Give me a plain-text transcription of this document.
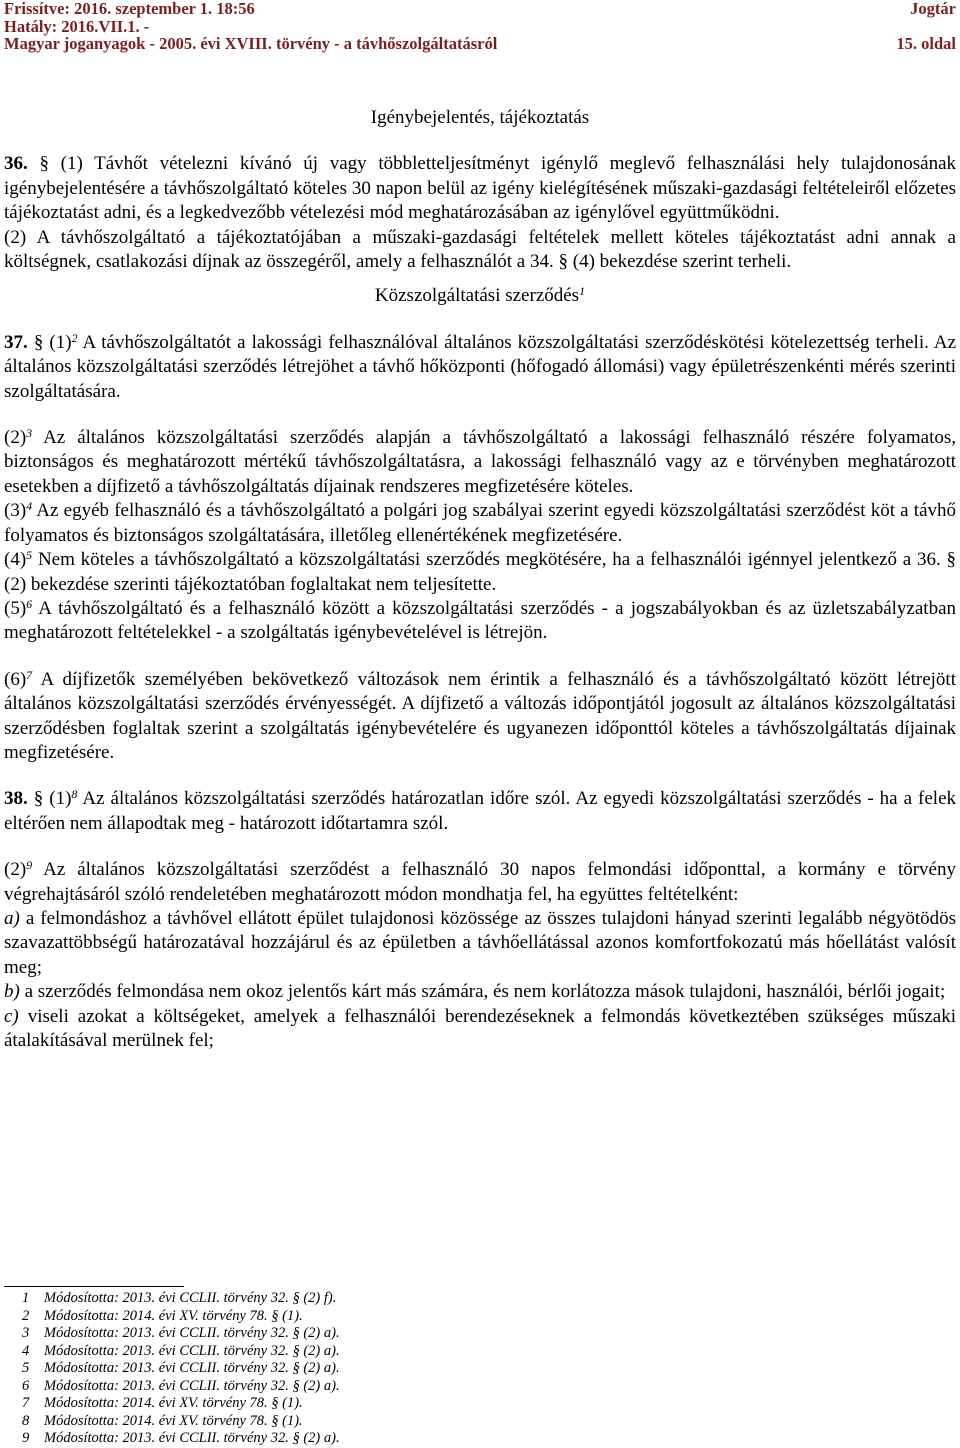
Frissítve: 2016. szeptember 1. 18:56	Jogtár
Hatály: 2016.VII.1. -
Magyar joganyagok - 2005. évi XVIII. törvény - a távhőszolgáltatásról	15. oldal

Igénybejelentés, tájékoztatás

36. § (1) Távhőt vételezni kívánó új vagy többletteljesítményt igénylő meglevő felhasználási hely tulajdonosának igénybejelentésére a távhőszolgáltató köteles 30 napon belül az igény kielégítésének műszaki-gazdasági feltételeiről előzetes tájékoztatást adni, és a legkedvezőbb vételezési mód meghatározásában az igénylővel együttműködni.

(2) A távhőszolgáltató a tájékoztatójában a műszaki-gazdasági feltételek mellett köteles tájékoztatást adni annak a költségnek, csatlakozási díjnak az összegéről, amely a felhasználót a 34. § (4) bekezdése szerint terheli.

Közszolgáltatási szerződés$^1$

37. § (1)$^2$ A távhőszolgáltatót a lakossági felhasználóval általános közszolgáltatási szerződéskötési kötelezettség terheli. Az általános közszolgáltatási szerződés létrejöhet a távhő hőközponti (hőfogadó állomási) vagy épületrészenkénti mérés szerinti szolgáltatására.

(2)$^3$ Az általános közszolgáltatási szerződés alapján a távhőszolgáltató a lakossági felhasználó részére folyamatos, biztonságos és meghatározott mértékű távhőszolgáltatásra, a lakossági felhasználó vagy az e törvényben meghatározott esetekben a díjfizető a távhőszolgáltatás díjainak rendszeres megfizetésére köteles.

(3)$^4$ Az egyéb felhasználó és a távhőszolgáltató a polgári jog szabályai szerint egyedi közszolgáltatási szerződést köt a távhő folyamatos és biztonságos szolgáltatására, illetőleg ellenértékének megfizetésére.

(4)$^5$ Nem köteles a távhőszolgáltató a közszolgáltatási szerződés megkötésére, ha a felhasználói igénnyel jelentkező a 36. § (2) bekezdése szerinti tájékoztatóban foglaltakat nem teljesítette.

(5)$^6$ A távhőszolgáltató és a felhasználó között a közszolgáltatási szerződés - a jogszabályokban és az üzletszabályzatban meghatározott feltételekkel - a szolgáltatás igénybevételével is létrejön.

(6)$^7$ A díjfizetők személyében bekövetkező változások nem érintik a felhasználó és a távhőszolgáltató között létrejött általános közszolgáltatási szerződés érvényességét. A díjfizető a változás időpontjától jogosult az általános közszolgáltatási szerződésben foglaltak szerint a szolgáltatás igénybevételére és ugyanezen időponttól köteles a távhőszolgáltatás díjainak megfizetésére.

38. § (1)$^8$ Az általános közszolgáltatási szerződés határozatlan időre szól. Az egyedi közszolgáltatási szerződés - ha a felek eltérően nem állapodtak meg - határozott időtartamra szól.

(2)$^9$ Az általános közszolgáltatási szerződést a felhasználó 30 napos felmondási időponttal, a kormány e törvény végrehajtásáról szóló rendeletében meghatározott módon mondhatja fel, ha együttes feltételként:

a) a felmondáshoz a távhővel ellátott épület tulajdonosi közössége az összes tulajdoni hányad szerinti legalább négyötödös szavazattöbbségű határozatával hozzájárul és az épületben a távhőellátással azonos komfortfokozatú más hőellátást valósít meg;

b) a szerződés felmondása nem okoz jelentős kárt más számára, és nem korlátozza mások tulajdoni, használói, bérlői jogait;

c) viseli azokat a költségeket, amelyek a felhasználói berendezéseknek a felmondás következtében szükséges műszaki átalakításával merülnek fel;

1	Módosította: 2013. évi CCLII. törvény 32. § (2) f).
2	Módosította: 2014. évi XV. törvény 78. § (1).
3	Módosította: 2013. évi CCLII. törvény 32. § (2) a).
4	Módosította: 2013. évi CCLII. törvény 32. § (2) a).
5	Módosította: 2013. évi CCLII. törvény 32. § (2) a).
6	Módosította: 2013. évi CCLII. törvény 32. § (2) a).
7	Módosította: 2014. évi XV. törvény 78. § (1).
8	Módosította: 2014. évi XV. törvény 78. § (1).
9	Módosította: 2013. évi CCLII. törvény 32. § (2) a).
